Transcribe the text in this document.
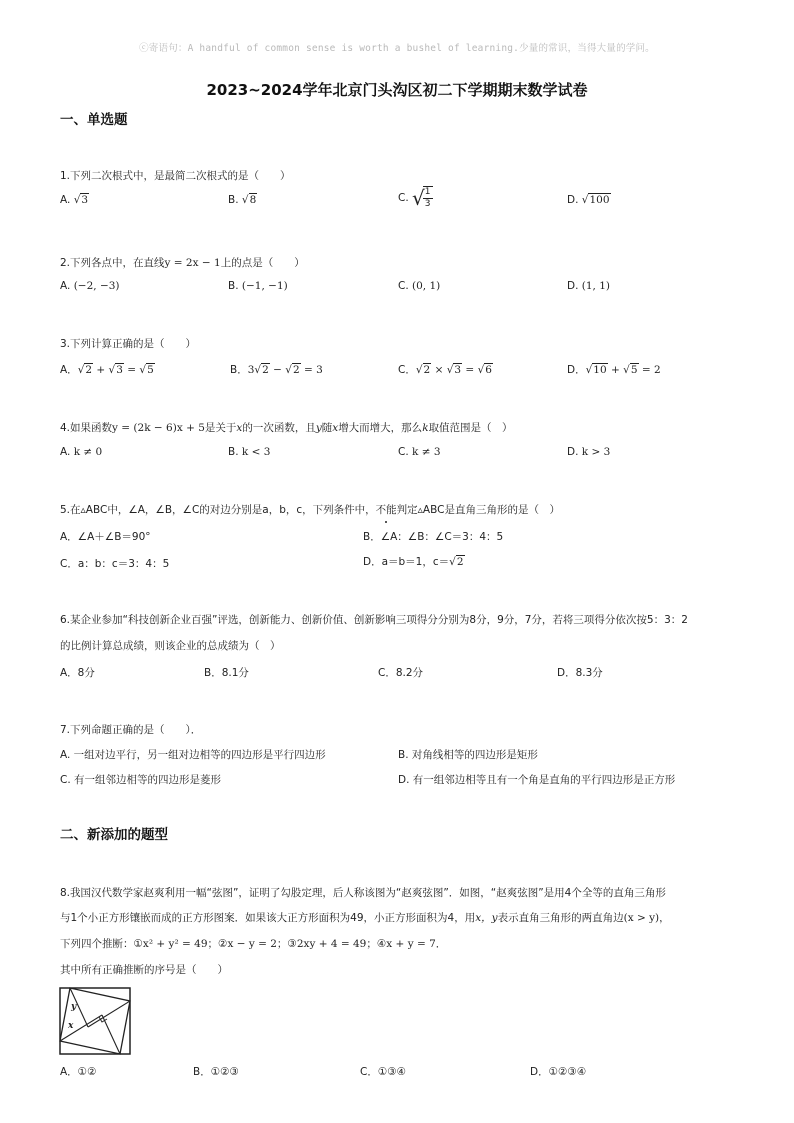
ⓒ寄语句：A handful of common sense is worth a bushel of learning.少量的常识，当得大量的学问。
2023~2024学年北京门头沟区初二下学期期末数学试卷
一、单选题
1.下列二次根式中，是最简二次根式的是（　　）
A. √3	B. √8	C. √
$\frac{1}{3}$	D. √100
2.下列各点中，在直线y = 2x − 1上的点是（　　）
A. (−2, −3)	B. (−1, −1)	C. (0, 1)	D. (1, 1)
3.下列计算正确的是（　　）
A．√2 + √3 = √5	B．3√2 − √2 = 3	C．√2 × √3 = √6	D．√10 + √5 = 2
4.如果函数y = (2k − 6)x + 5是关于x的一次函数，且y随x增大而增大，那么k取值范围是（　）
A. k ≠ 0	B. k < 3	C. k ≠ 3	D. k > 3
5.在▵ABC中，∠A，∠B，∠C的对边分别是a，b，c，下列条件中，不能判定▵ABC是直角三角形的是（　）
A．∠A＋∠B＝90°	B．∠A：∠B：∠C＝3：4：5
C．a：b：c＝3：4：5	D．a＝b＝1，c＝√2
6.某企业参加“科技创新企业百强”评选，创新能力、创新价值、创新影响三项得分分别为8分，9分，7分，若将三项得分依次按5：3：2
的比例计算总成绩，则该企业的总成绩为（　）
A．8分	B．8.1分	C．8.2分	D．8.3分
7.下列命题正确的是（　　）．
A. 一组对边平行，另一组对边相等的四边形是平行四边形	B. 对角线相等的四边形是矩形
C. 有一组邻边相等的四边形是菱形	D. 有一组邻边相等且有一个角是直角的平行四边形是正方形
二、新添加的题型
8.我国汉代数学家赵爽利用一幅“弦图”，证明了勾股定理，后人称该图为“赵爽弦图”．如图，“赵爽弦图”是用4个全等的直角三角形
与1个小正方形镶嵌而成的正方形图案．如果该大正方形面积为49，小正方形面积为4，用x，y表示直角三角形的两直角边(x > y)，
下列四个推断：①x² + y² = 49；②x − y = 2；③2xy + 4 = 49；④x + y = 7．
其中所有正确推断的序号是（　　）
y
x
A．①②	B．①②③	C．①③④	D．①②③④
